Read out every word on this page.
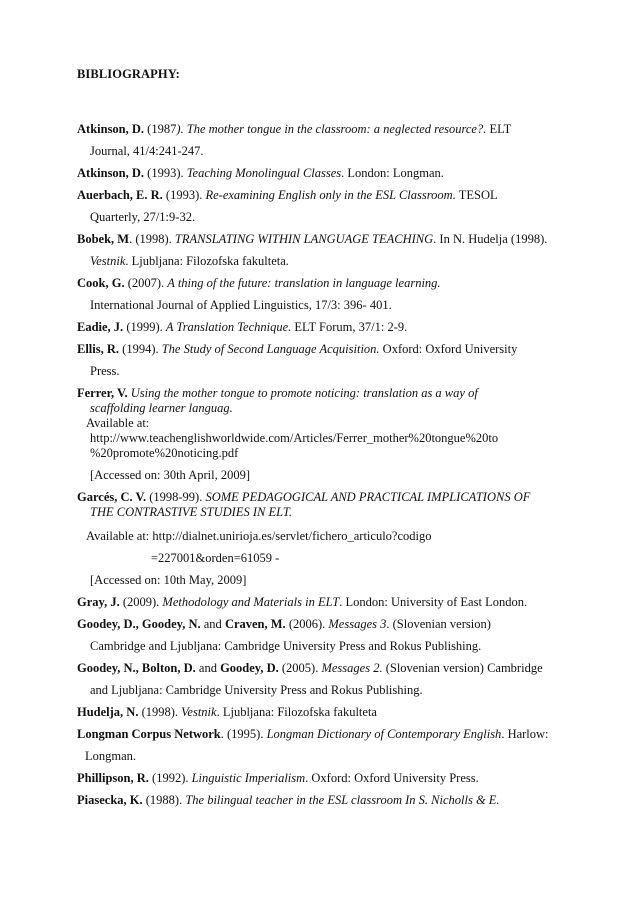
BIBLIOGRAPHY:
Atkinson, D. (1987). The mother tongue in the classroom: a neglected resource?. ELT
Journal, 41/4:241-247.
Atkinson, D. (1993). Teaching Monolingual Classes. London: Longman.
Auerbach, E. R. (1993). Re-examining English only in the ESL Classroom. TESOL
Quarterly, 27/1:9-32.
Bobek, M. (1998). TRANSLATING WITHIN LANGUAGE TEACHING. In N. Hudelja (1998).
Vestnik. Ljubljana: Filozofska fakulteta.
Cook, G. (2007). A thing of the future: translation in language learning.
International Journal of Applied Linguistics, 17/3: 396- 401.
Eadie, J. (1999). A Translation Technique. ELT Forum, 37/1: 2-9.
Ellis, R. (1994). The Study of Second Language Acquisition. Oxford: Oxford University
Press.
Ferrer, V. Using the mother tongue to promote noticing: translation as a way of
scaffolding learner languag.
Available at:
http://www.teachenglishworldwide.com/Articles/Ferrer_mother%20tongue%20to
%20promote%20noticing.pdf
[Accessed on: 30th April, 2009]
Garcés, C. V. (1998-99). SOME PEDAGOGICAL AND PRACTICAL IMPLICATIONS OF
THE CONTRASTIVE STUDIES IN ELT.
Available at: http://dialnet.unirioja.es/servlet/fichero_articulo?codigo
=227001&orden=61059 -
[Accessed on: 10th May, 2009]
Gray, J. (2009). Methodology and Materials in ELT. London: University of East London.
Goodey, D., Goodey, N. and Craven, M. (2006). Messages 3. (Slovenian version)
Cambridge and Ljubljana: Cambridge University Press and Rokus Publishing.
Goodey, N., Bolton, D. and Goodey, D. (2005). Messages 2. (Slovenian version) Cambridge
and Ljubljana: Cambridge University Press and Rokus Publishing.
Hudelja, N. (1998). Vestnik. Ljubljana: Filozofska fakulteta
Longman Corpus Network. (1995). Longman Dictionary of Contemporary English. Harlow:
Longman.
Phillipson, R. (1992). Linguistic Imperialism. Oxford: Oxford University Press.
Piasecka, K. (1988). The bilingual teacher in the ESL classroom In S. Nicholls & E.
